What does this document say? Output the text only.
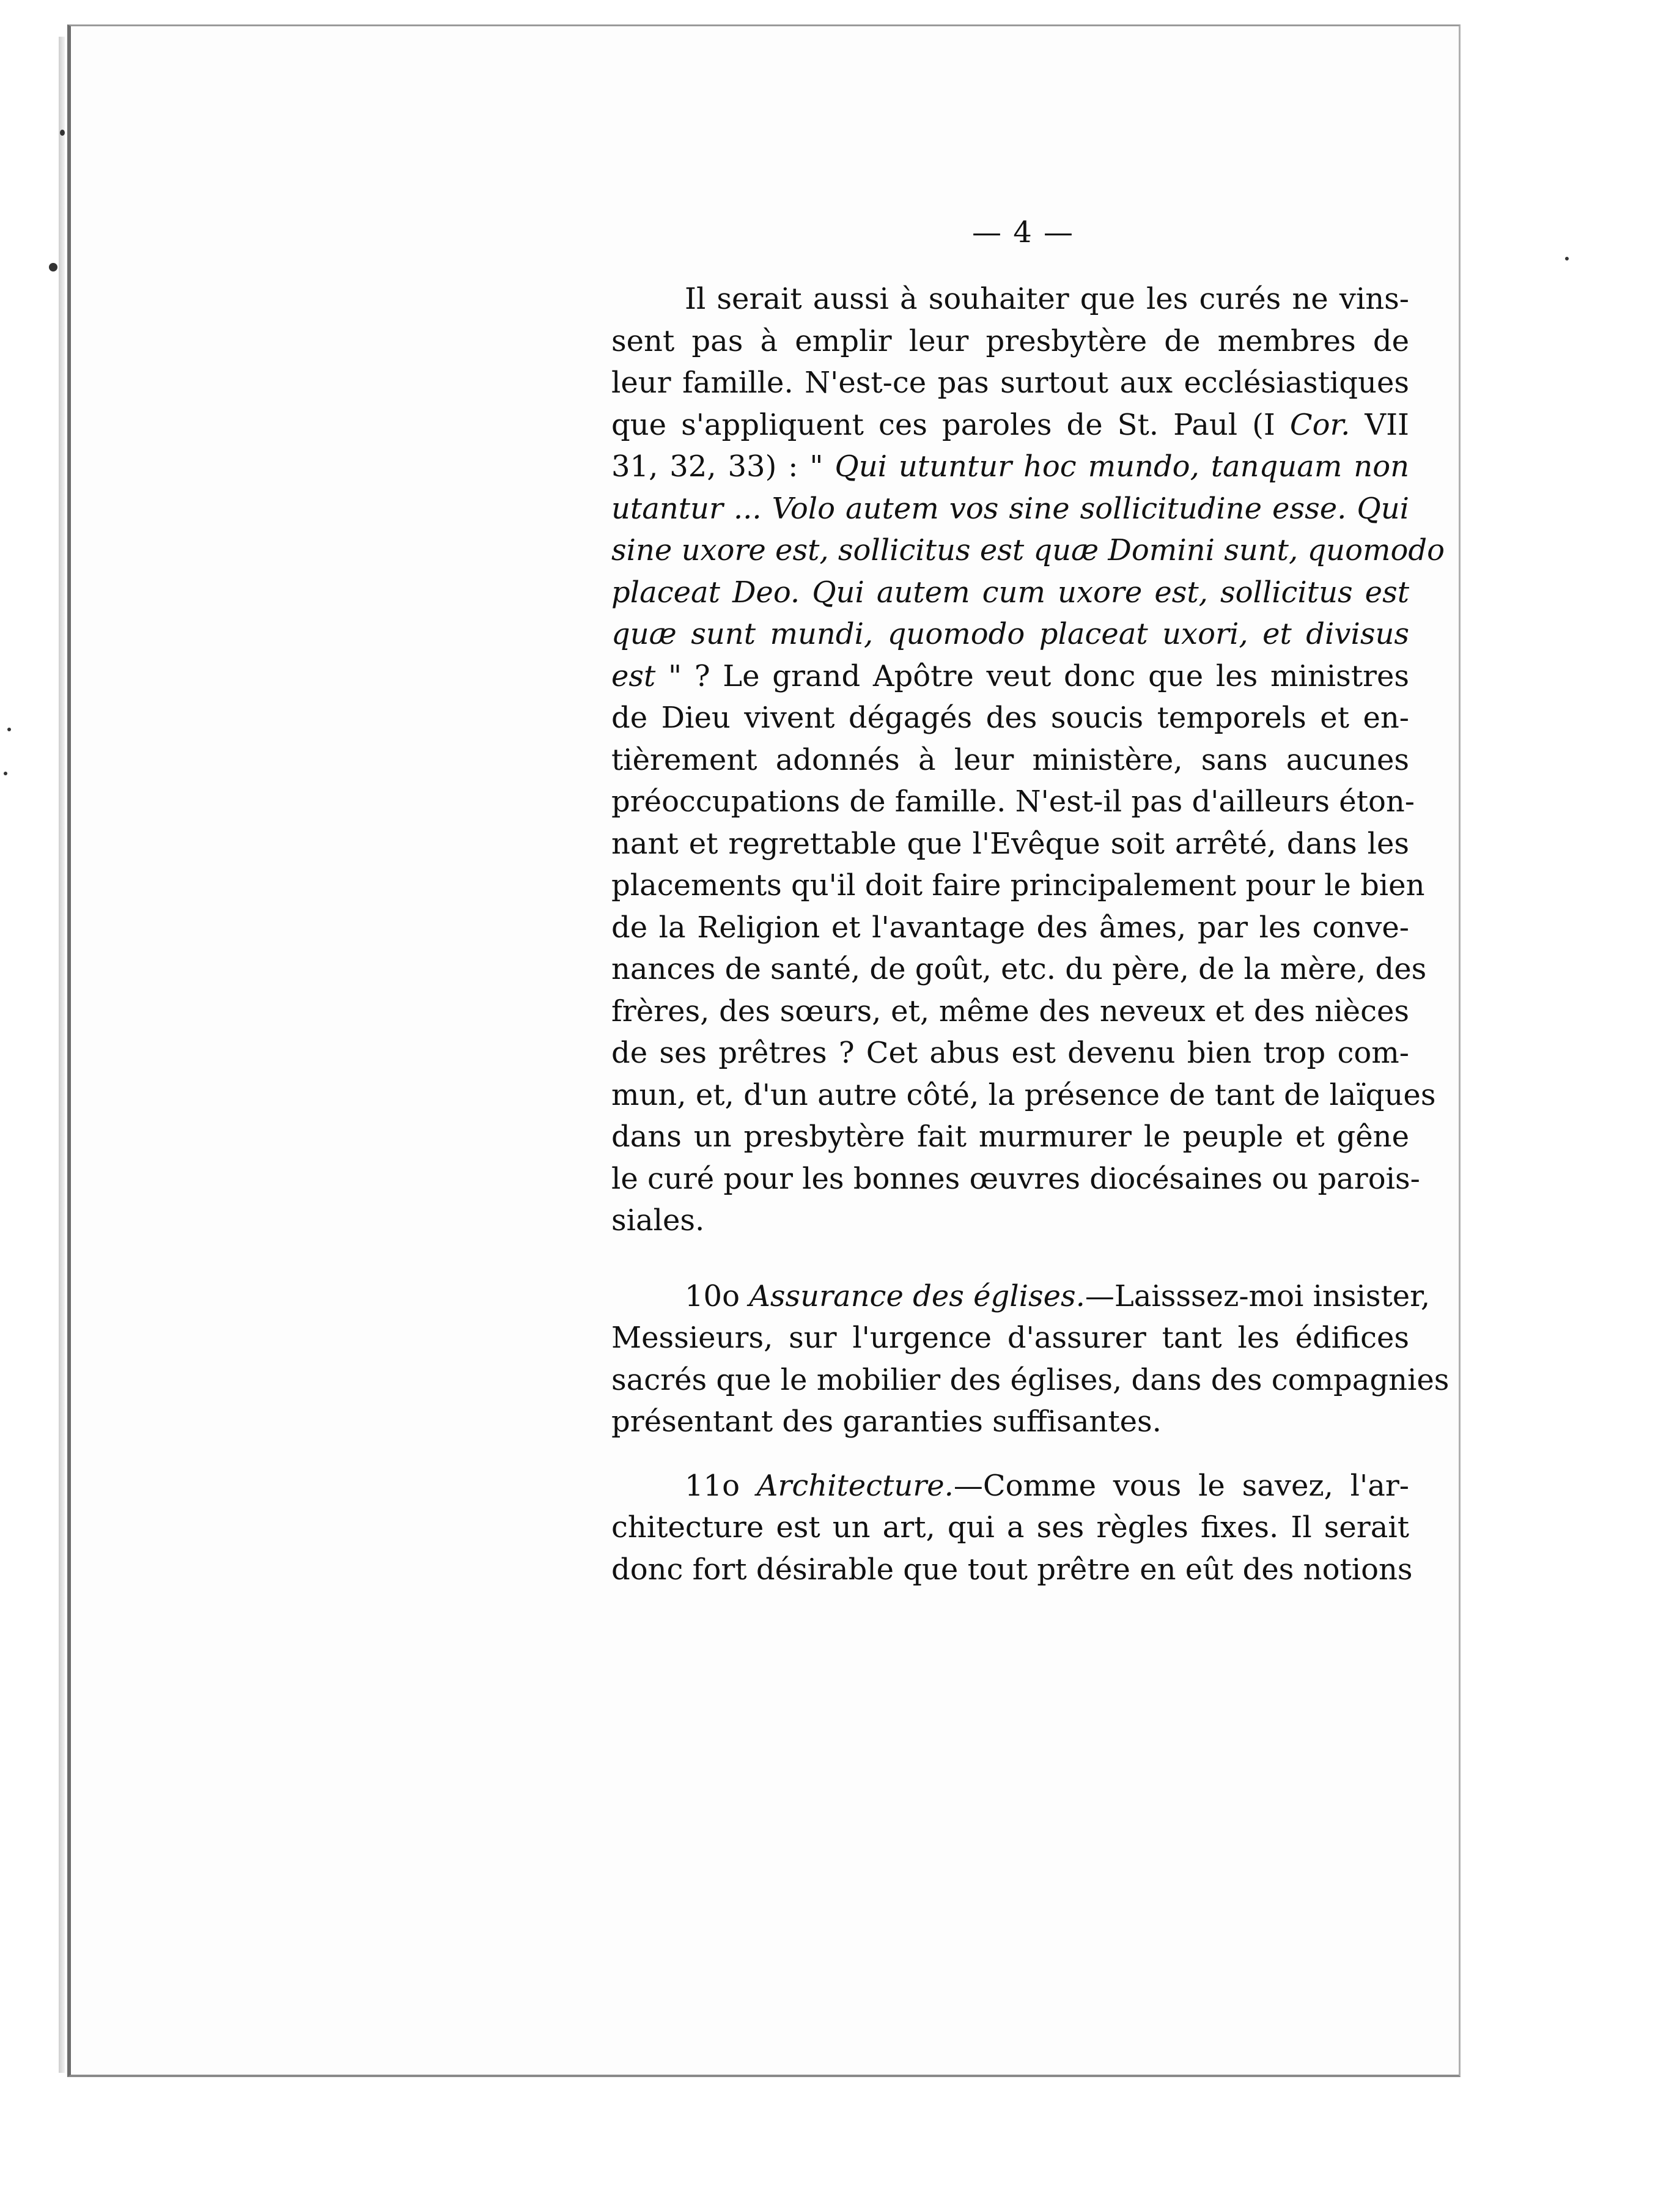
— 4 —
Il serait aussi à souhaiter que les curés ne vins-
sent pas à emplir leur presbytère de membres de
leur famille. N'est-ce pas surtout aux ecclésiastiques
que s'appliquent ces paroles de St. Paul (I Cor. VII
31, 32, 33) : " Qui utuntur hoc mundo, tanquam non
utantur ... Volo autem vos sine sollicitudine esse. Qui
sine uxore est, sollicitus est quæ Domini sunt, quomodo
placeat Deo. Qui autem cum uxore est, sollicitus est
quæ sunt mundi, quomodo placeat uxori, et divisus
est " ? Le grand Apôtre veut donc que les ministres
de Dieu vivent dégagés des soucis temporels et en-
tièrement adonnés à leur ministère, sans aucunes
préoccupations de famille. N'est-il pas d'ailleurs éton-
nant et regrettable que l'Evêque soit arrêté, dans les
placements qu'il doit faire principalement pour le bien
de la Religion et l'avantage des âmes, par les conve-
nances de santé, de goût, etc. du père, de la mère, des
frères, des sœurs, et, même des neveux et des nièces
de ses prêtres ? Cet abus est devenu bien trop com-
mun, et, d'un autre côté, la présence de tant de laïques
dans un presbytère fait murmurer le peuple et gêne
le curé pour les bonnes œuvres diocésaines ou parois-
siales.
10o Assurance des églises.—Laisssez-moi insister,
Messieurs, sur l'urgence d'assurer tant les édifices
sacrés que le mobilier des églises, dans des compagnies
présentant des garanties suffisantes.
11o Architecture.—Comme vous le savez, l'ar-
chitecture est un art, qui a ses règles fixes. Il serait
donc fort désirable que tout prêtre en eût des notions
